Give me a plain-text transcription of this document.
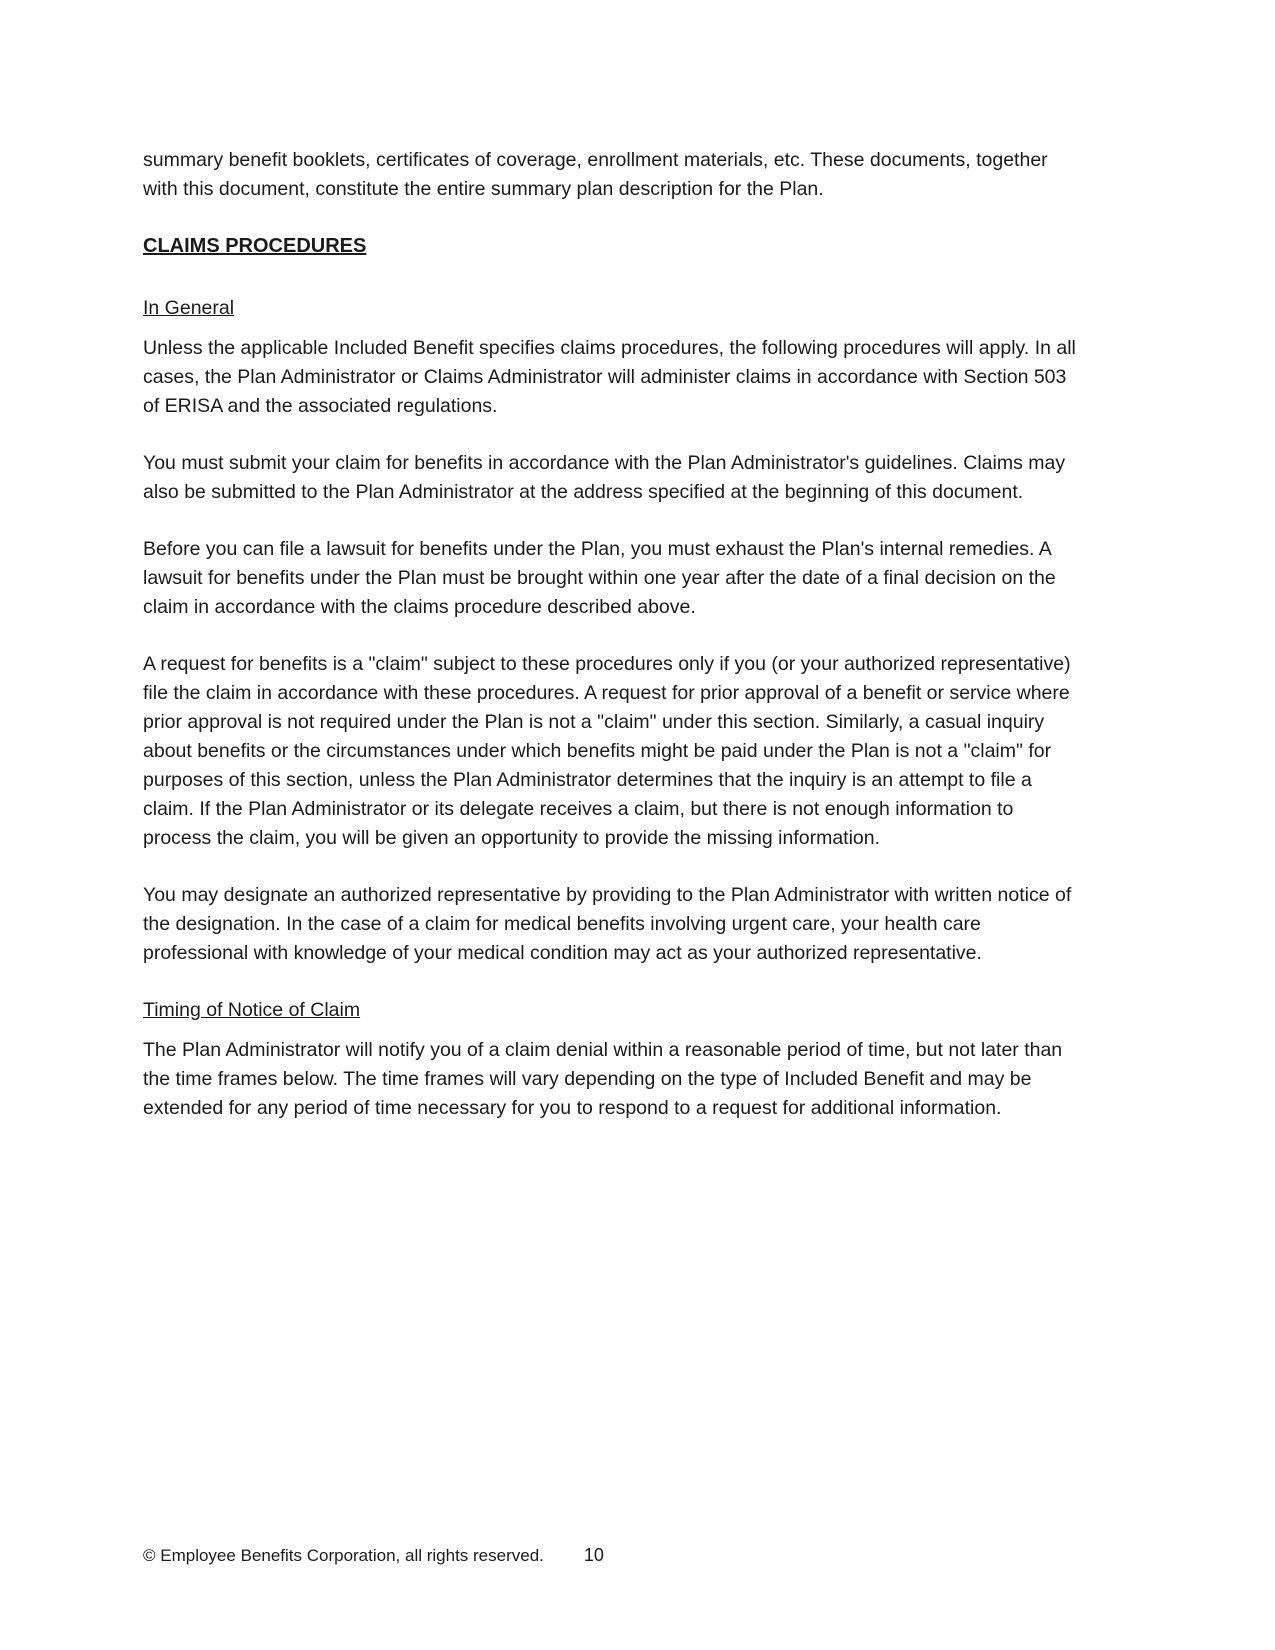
summary benefit booklets, certificates of coverage, enrollment materials, etc. These documents, together with this document, constitute the entire summary plan description for the Plan.

CLAIMS PROCEDURES
In General

Unless the applicable Included Benefit specifies claims procedures, the following procedures will apply. In all cases, the Plan Administrator or Claims Administrator will administer claims in accordance with Section 503 of ERISA and the associated regulations.

You must submit your claim for benefits in accordance with the Plan Administrator's guidelines. Claims may also be submitted to the Plan Administrator at the address specified at the beginning of this document.

Before you can file a lawsuit for benefits under the Plan, you must exhaust the Plan's internal remedies. A lawsuit for benefits under the Plan must be brought within one year after the date of a final decision on the claim in accordance with the claims procedure described above.

A request for benefits is a "claim" subject to these procedures only if you (or your authorized representative) file the claim in accordance with these procedures. A request for prior approval of a benefit or service where prior approval is not required under the Plan is not a "claim" under this section. Similarly, a casual inquiry about benefits or the circumstances under which benefits might be paid under the Plan is not a "claim" for purposes of this section, unless the Plan Administrator determines that the inquiry is an attempt to file a claim. If the Plan Administrator or its delegate receives a claim, but there is not enough information to process the claim, you will be given an opportunity to provide the missing information.

You may designate an authorized representative by providing to the Plan Administrator with written notice of the designation. In the case of a claim for medical benefits involving urgent care, your health care professional with knowledge of your medical condition may act as your authorized representative.

Timing of Notice of Claim

The Plan Administrator will notify you of a claim denial within a reasonable period of time, but not later than the time frames below. The time frames will vary depending on the type of Included Benefit and may be extended for any period of time necessary for you to respond to a request for additional information.

© Employee Benefits Corporation, all rights reserved. 10
